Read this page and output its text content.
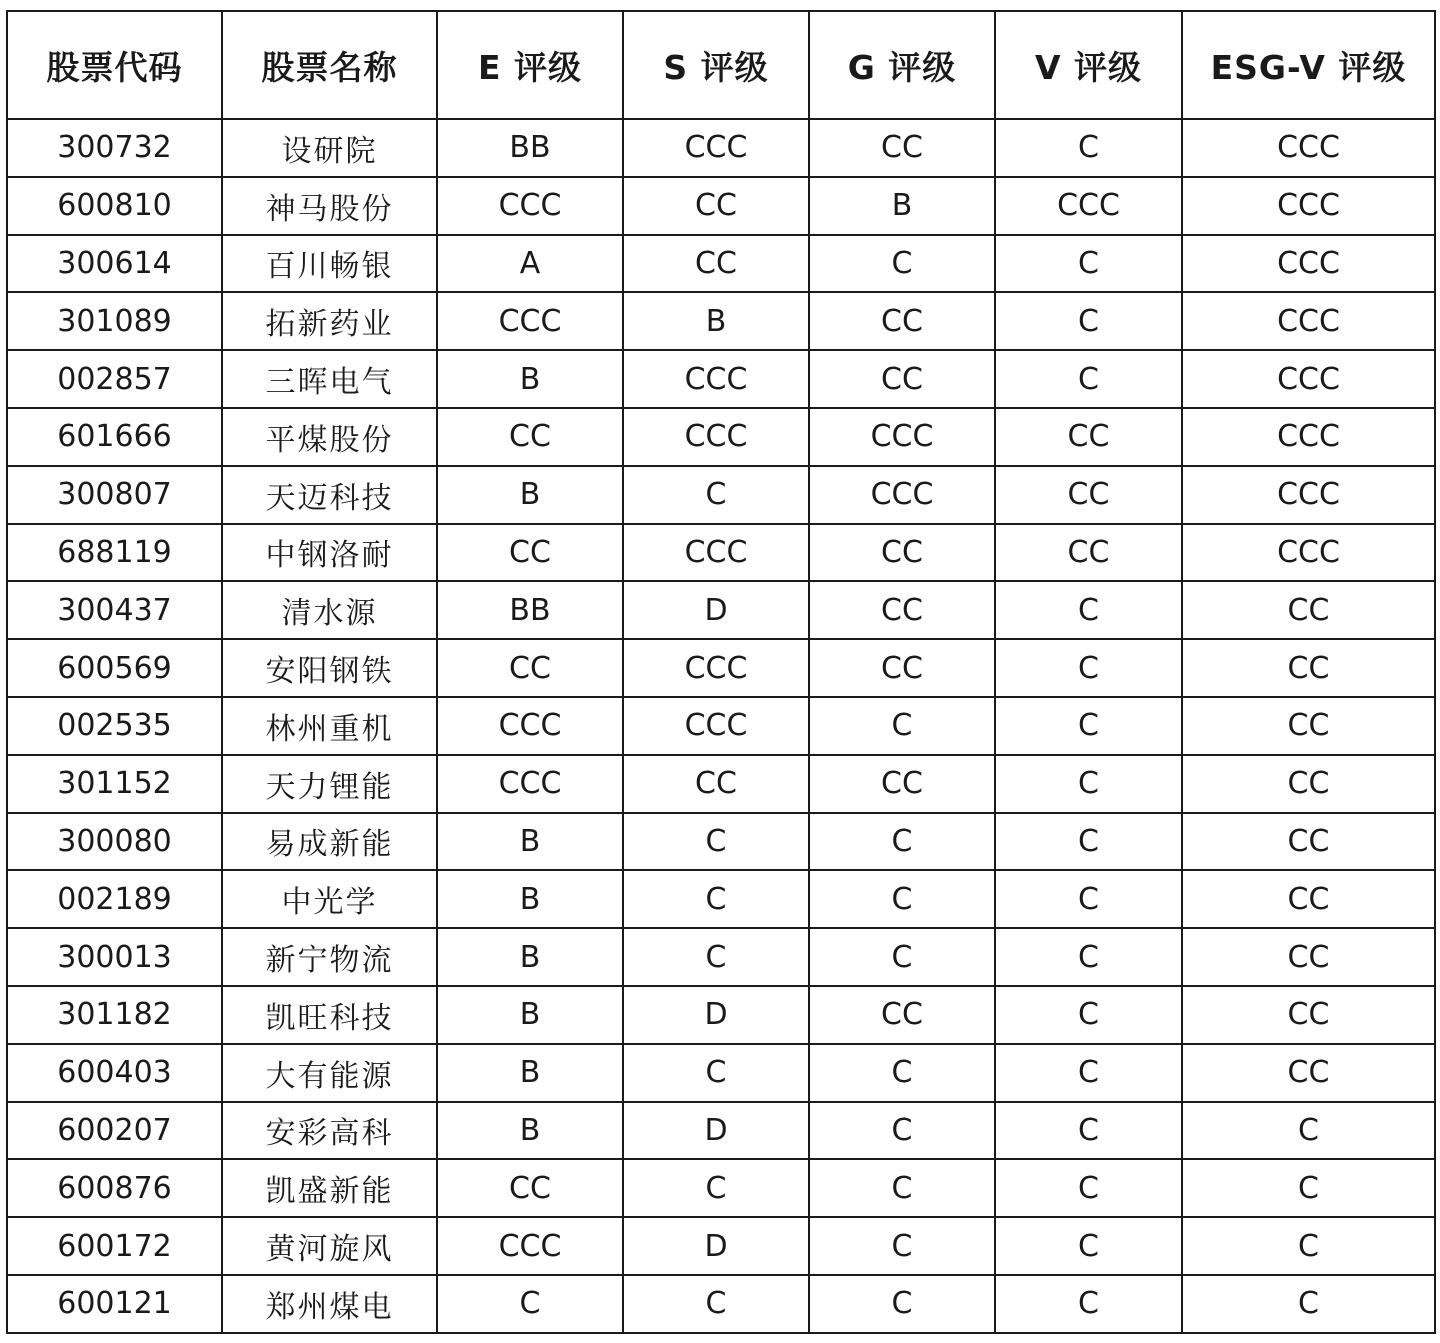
股票代码	股票名称	E 评级	S 评级	G 评级	V 评级	ESG-V 评级
300732	设研院	BB	CCC	CC	C	CCC
600810	神马股份	CCC	CC	B	CCC	CCC
300614	百川畅银	A	CC	C	C	CCC
301089	拓新药业	CCC	B	CC	C	CCC
002857	三晖电气	B	CCC	CC	C	CCC
601666	平煤股份	CC	CCC	CCC	CC	CCC
300807	天迈科技	B	C	CCC	CC	CCC
688119	中钢洛耐	CC	CCC	CC	CC	CCC
300437	清水源	BB	D	CC	C	CC
600569	安阳钢铁	CC	CCC	CC	C	CC
002535	林州重机	CCC	CCC	C	C	CC
301152	天力锂能	CCC	CC	CC	C	CC
300080	易成新能	B	C	C	C	CC
002189	中光学	B	C	C	C	CC
300013	新宁物流	B	C	C	C	CC
301182	凯旺科技	B	D	CC	C	CC
600403	大有能源	B	C	C	C	CC
600207	安彩高科	B	D	C	C	C
600876	凯盛新能	CC	C	C	C	C
600172	黄河旋风	CCC	D	C	C	C
600121	郑州煤电	C	C	C	C	C
